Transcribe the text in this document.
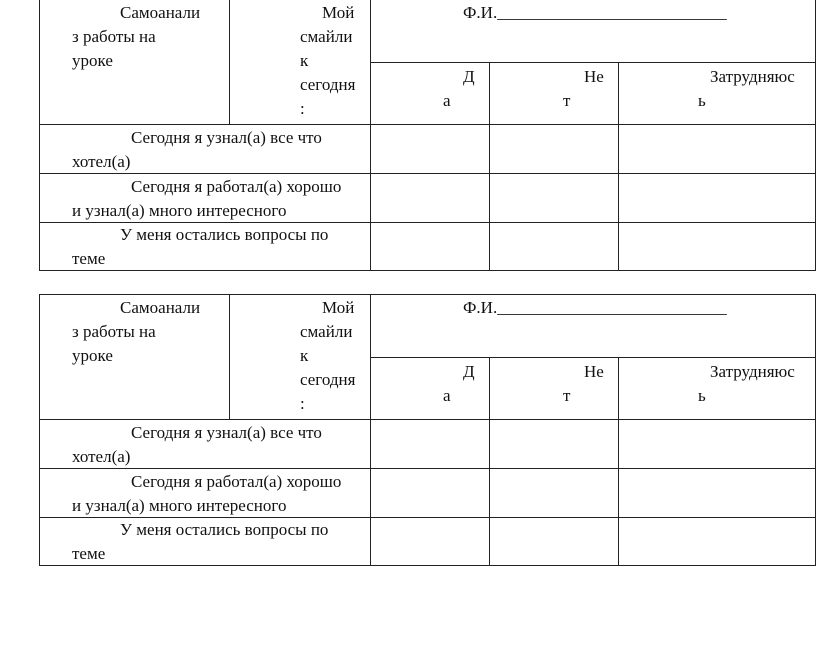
Самоанали
з работы на
уроке
Мой
смайли
к
сегодня
:
Ф.И.___________________________
Д
а
Не
т
Затрудняюс
ь
Сегодня я узнал(а) все что
хотел(а)
Сегодня я работал(а) хорошо
и узнал(а) много интересного
У меня остались вопросы по
теме
Самоанали
з работы на
уроке
Мой
смайли
к
сегодня
:
Ф.И.___________________________
Д
а
Не
т
Затрудняюс
ь
Сегодня я узнал(а) все что
хотел(а)
Сегодня я работал(а) хорошо
и узнал(а) много интересного
У меня остались вопросы по
теме
